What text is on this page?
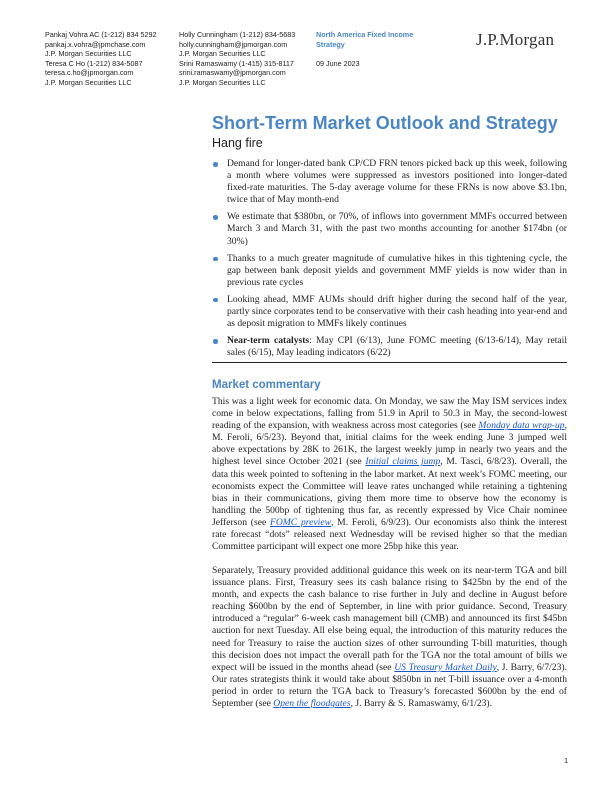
Pankaj Vohra AC (1-212) 834 5292
pankaj.x.vohra@jpmchase.com
J.P. Morgan Securities LLC
Teresa C Ho (1-212) 834-5087
teresa.c.ho@jpmorgan.com
J.P. Morgan Securities LLC
Holly Cunningham (1-212) 834-5683
holly.cunningham@jpmorgan.com
J.P. Morgan Securities LLC
Srini Ramaswamy (1-415) 315-8117
srini.ramaswamy@jpmorgan.com
J.P. Morgan Securities LLC
North America Fixed Income Strategy
09 June 2023
J.P.Morgan
Short-Term Market Outlook and Strategy
Hang fire
Demand for longer-dated bank CP/CD FRN tenors picked back up this week, following a month where volumes were suppressed as investors positioned into longer-dated fixed-rate maturities. The 5-day average volume for these FRNs is now above $3.1bn, twice that of May month-end
We estimate that $380bn, or 70%, of inflows into government MMFs occurred between March 3 and March 31, with the past two months accounting for another $174bn (or 30%)
Thanks to a much greater magnitude of cumulative hikes in this tightening cycle, the gap between bank deposit yields and government MMF yields is now wider than in previous rate cycles
Looking ahead, MMF AUMs should drift higher during the second half of the year, partly since corporates tend to be conservative with their cash heading into year-end and as deposit migration to MMFs likely continues
Near-term catalysts: May CPI (6/13), June FOMC meeting (6/13-6/14), May retail sales (6/15), May leading indicators (6/22)
Market commentary

This was a light week for economic data. On Monday, we saw the May ISM services index come in below expectations, falling from 51.9 in April to 50.3 in May, the second-lowest reading of the expansion, with weakness across most categories (see Monday data wrap-up, M. Feroli, 6/5/23). Beyond that, initial claims for the week ending June 3 jumped well above expectations by 28K to 261K, the largest weekly jump in nearly two years and the highest level since October 2021 (see Initial claims jump, M. Tasci, 6/8/23). Overall, the data this week pointed to softening in the labor market. At next week’s FOMC meeting, our economists expect the Committee will leave rates unchanged while retaining a tightening bias in their communications, giving them more time to observe how the economy is handling the 500bp of tightening thus far, as recently expressed by Vice Chair nominee Jefferson (see FOMC preview, M. Feroli, 6/9/23). Our economists also think the interest rate forecast “dots” released next Wednesday will be revised higher so that the median Committee participant will expect one more 25bp hike this year.

Separately, Treasury provided additional guidance this week on its near-term TGA and bill issuance plans. First, Treasury sees its cash balance rising to $425bn by the end of the month, and expects the cash balance to rise further in July and decline in August before reaching $600bn by the end of September, in line with prior guidance. Second, Treasury introduced a “regular” 6-week cash management bill (CMB) and announced its first $45bn auction for next Tuesday. All else being equal, the introduction of this maturity reduces the need for Treasury to raise the auction sizes of other surrounding T-bill maturities, though this decision does not impact the overall path for the TGA nor the total amount of bills we expect will be issued in the months ahead (see US Treasury Market Daily, J. Barry, 6/7/23). Our rates strategists think it would take about $850bn in net T-bill issuance over a 4-month period in order to return the TGA back to Treasury’s forecasted $600bn by the end of September (see Open the floodgates, J. Barry & S. Ramaswamy, 6/1/23).

1
